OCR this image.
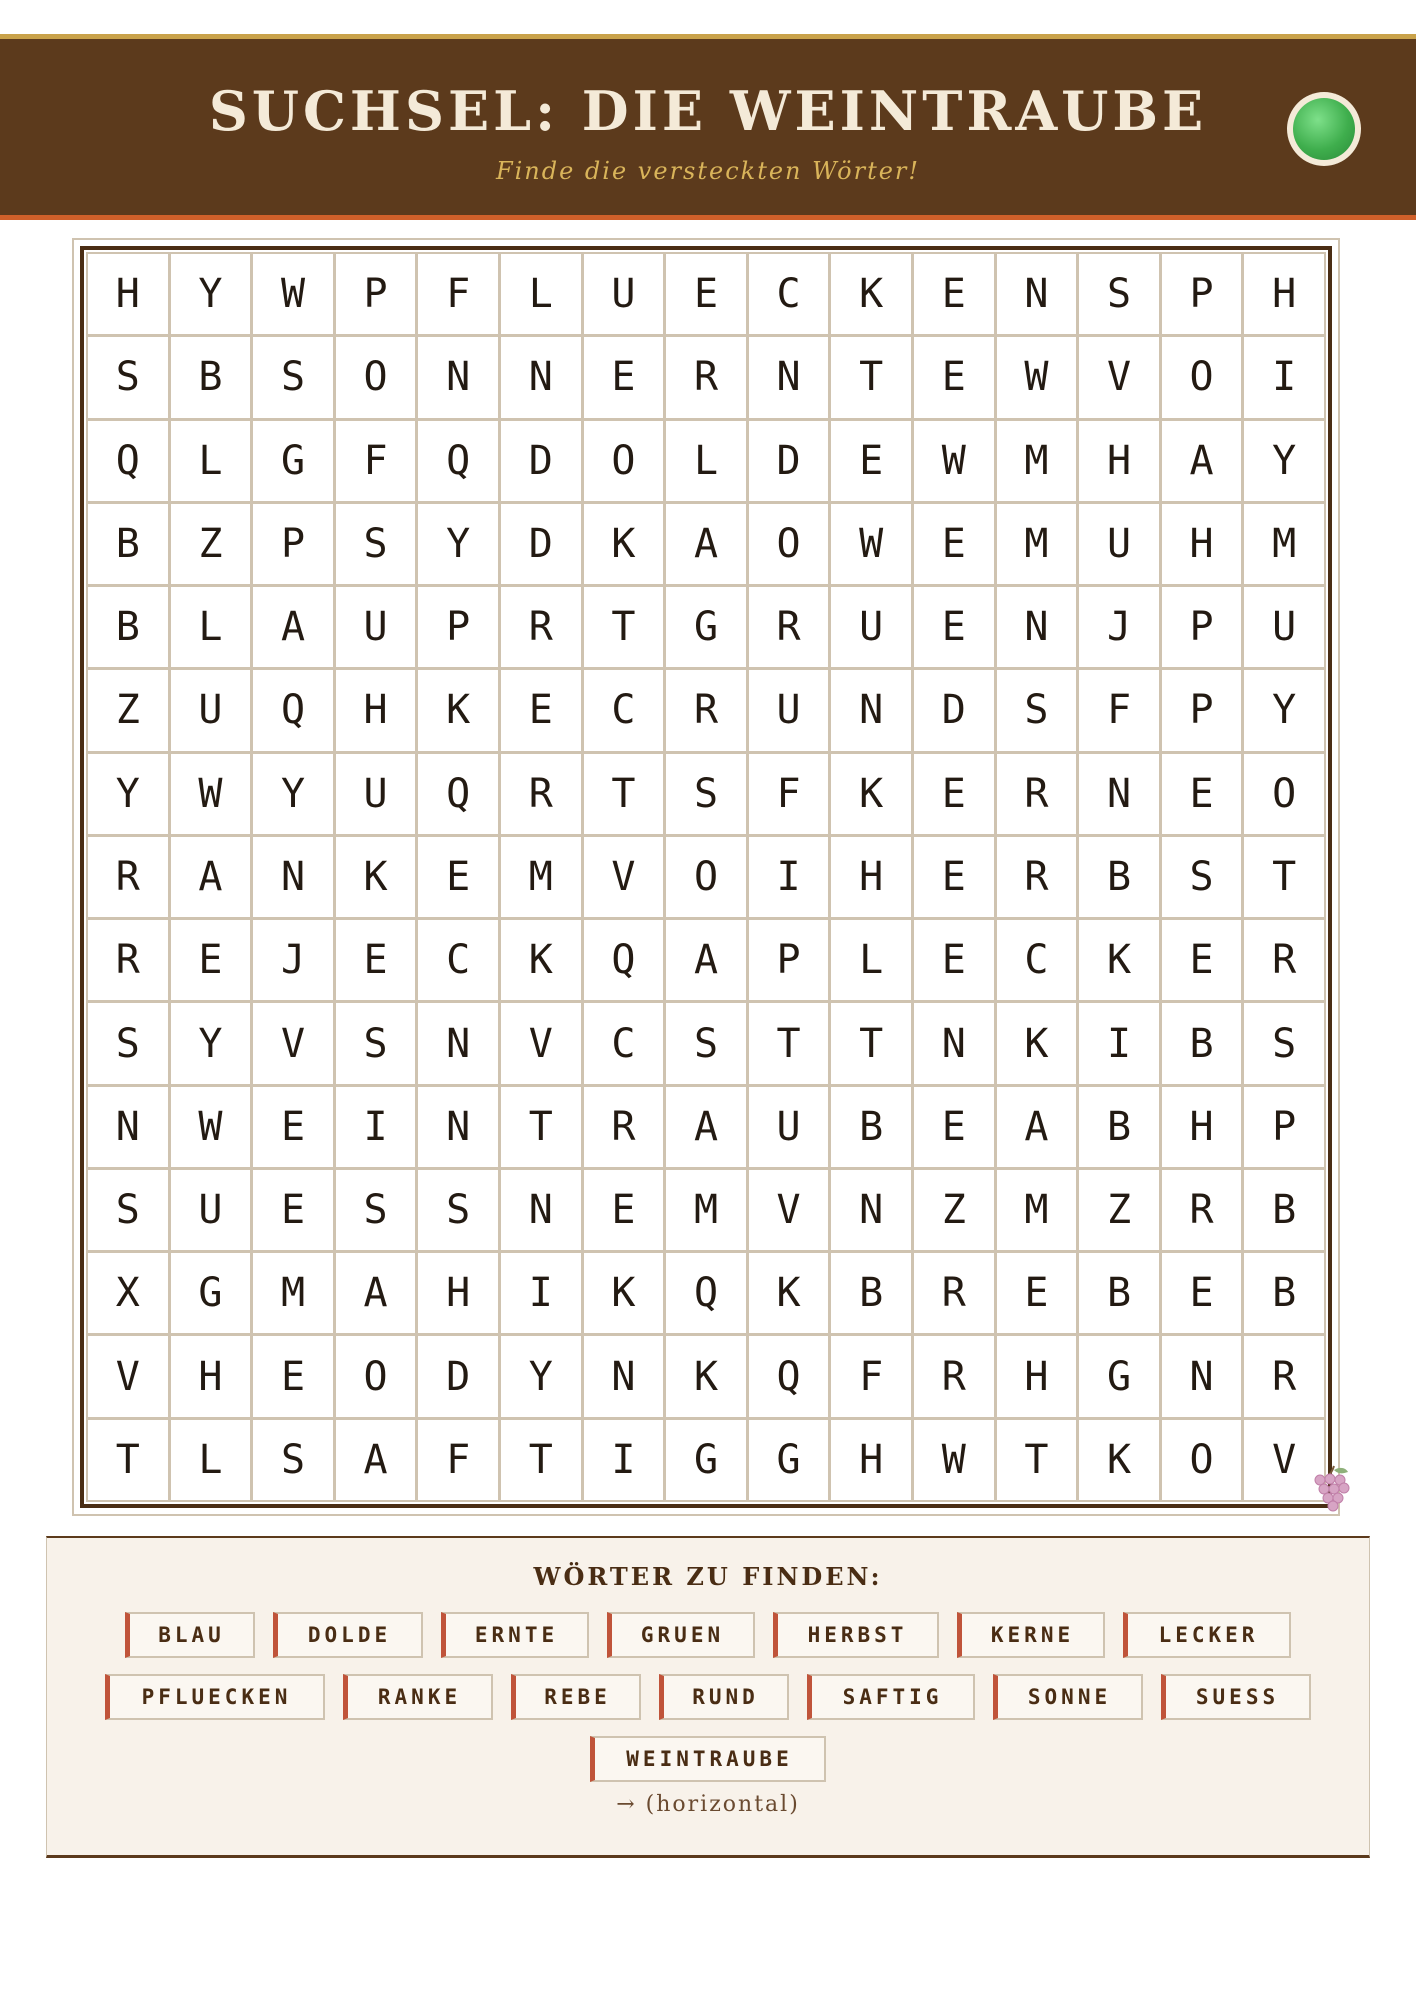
SUCHSEL: DIE WEINTRAUBE
Finde die versteckten Wörter!
H	Y	W	P	F	L	U	E	C	K	E	N	S	P	H
S	B	S	O	N	N	E	R	N	T	E	W	V	O	I
Q	L	G	F	Q	D	O	L	D	E	W	M	H	A	Y
B	Z	P	S	Y	D	K	A	O	W	E	M	U	H	M
B	L	A	U	P	R	T	G	R	U	E	N	J	P	U
Z	U	Q	H	K	E	C	R	U	N	D	S	F	P	Y
Y	W	Y	U	Q	R	T	S	F	K	E	R	N	E	O
R	A	N	K	E	M	V	O	I	H	E	R	B	S	T
R	E	J	E	C	K	Q	A	P	L	E	C	K	E	R
S	Y	V	S	N	V	C	S	T	T	N	K	I	B	S
N	W	E	I	N	T	R	A	U	B	E	A	B	H	P
S	U	E	S	S	N	E	M	V	N	Z	M	Z	R	B
X	G	M	A	H	I	K	Q	K	B	R	E	B	E	B
V	H	E	O	D	Y	N	K	Q	F	R	H	G	N	R
T	L	S	A	F	T	I	G	G	H	W	T	K	O	V
WÖRTER ZU FINDEN:
BLAU	DOLDE	ERNTE	GRUEN	HERBST	KERNE	LECKER
PFLUECKEN	RANKE	REBE	RUND	SAFTIG	SONNE	SUESS
WEINTRAUBE
→ (horizontal)
